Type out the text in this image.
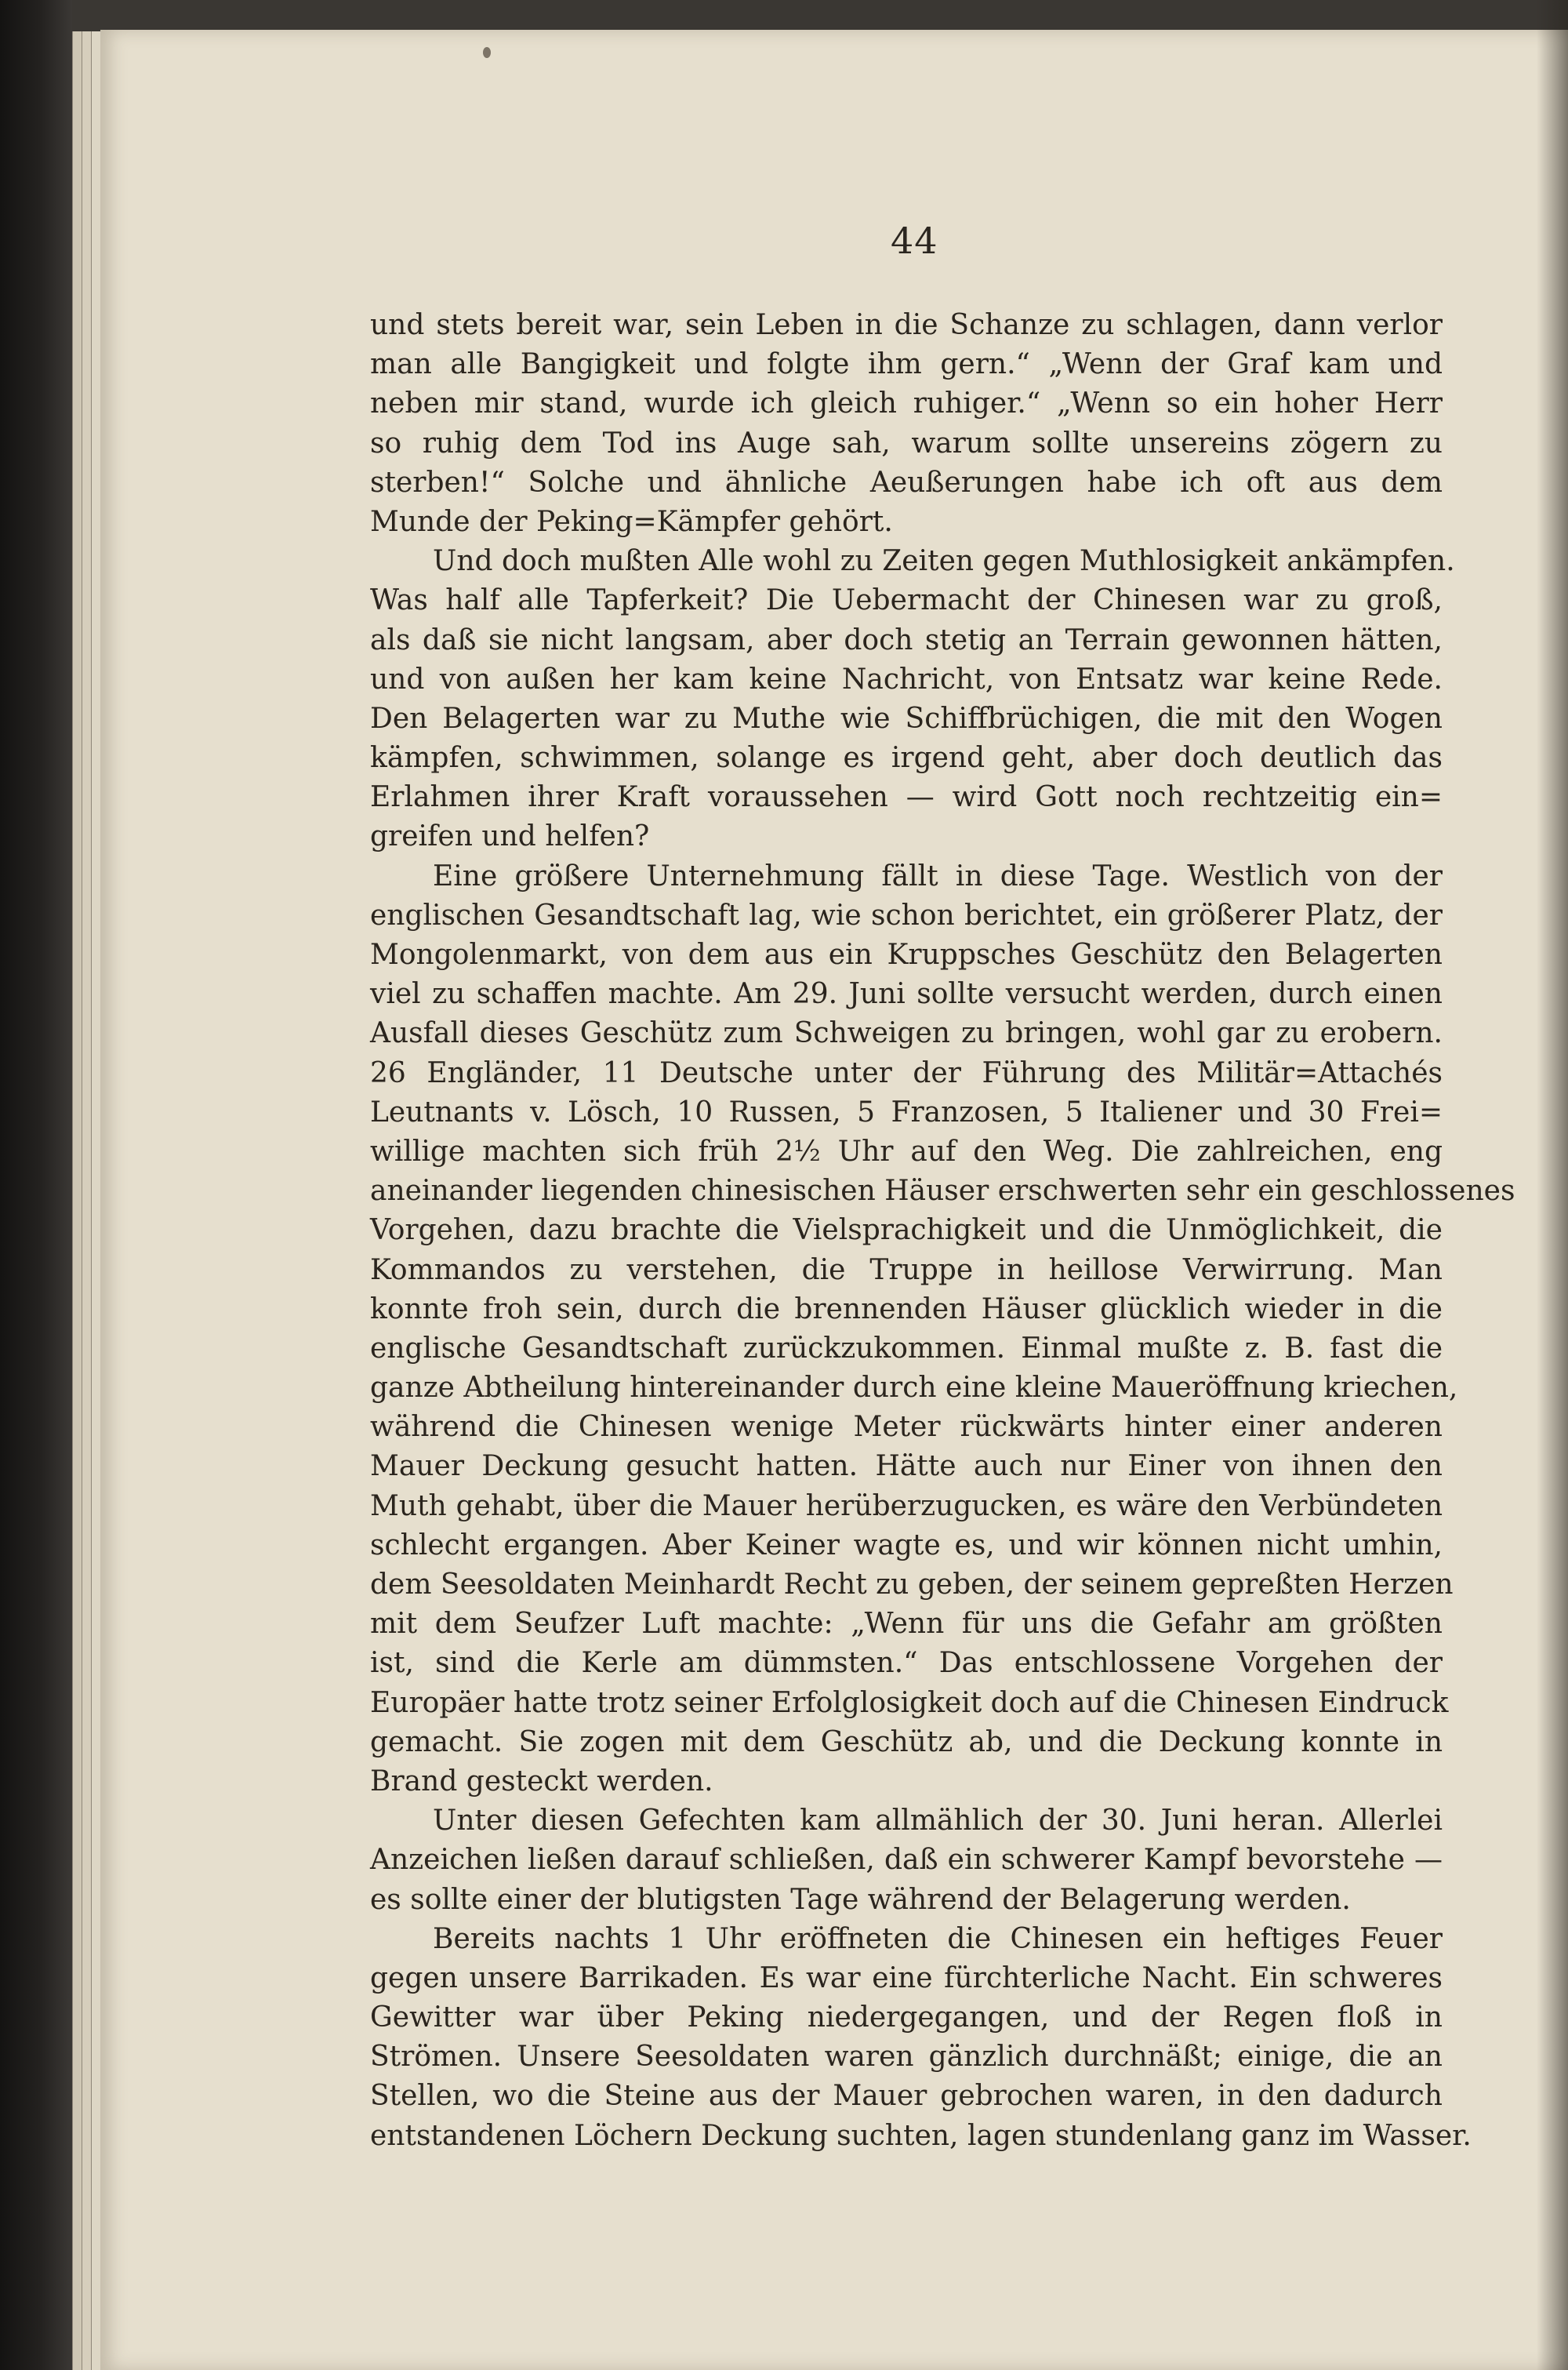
44
und stets bereit war, sein Leben in die Schanze zu schlagen, dann verlor
man alle Bangigkeit und folgte ihm gern.“ „Wenn der Graf kam und
neben mir stand, wurde ich gleich ruhiger.“ „Wenn so ein hoher Herr
so ruhig dem Tod ins Auge sah, warum sollte unsereins zögern zu
sterben!“ Solche und ähnliche Aeußerungen habe ich oft aus dem
Munde der Peking=Kämpfer gehört.
Und doch mußten Alle wohl zu Zeiten gegen Muthlosigkeit ankämpfen.
Was half alle Tapferkeit? Die Uebermacht der Chinesen war zu groß,
als daß sie nicht langsam, aber doch stetig an Terrain gewonnen hätten,
und von außen her kam keine Nachricht, von Entsatz war keine Rede.
Den Belagerten war zu Muthe wie Schiffbrüchigen, die mit den Wogen
kämpfen, schwimmen, solange es irgend geht, aber doch deutlich das
Erlahmen ihrer Kraft voraussehen — wird Gott noch rechtzeitig ein=
greifen und helfen?
Eine größere Unternehmung fällt in diese Tage. Westlich von der
englischen Gesandtschaft lag, wie schon berichtet, ein größerer Platz, der
Mongolenmarkt, von dem aus ein Kruppsches Geschütz den Belagerten
viel zu schaffen machte. Am 29. Juni sollte versucht werden, durch einen
Ausfall dieses Geschütz zum Schweigen zu bringen, wohl gar zu erobern.
26 Engländer, 11 Deutsche unter der Führung des Militär=Attachés
Leutnants v. Lösch, 10 Russen, 5 Franzosen, 5 Italiener und 30 Frei=
willige machten sich früh 2½ Uhr auf den Weg. Die zahlreichen, eng
aneinander liegenden chinesischen Häuser erschwerten sehr ein geschlossenes
Vorgehen, dazu brachte die Vielsprachigkeit und die Unmöglichkeit, die
Kommandos zu verstehen, die Truppe in heillose Verwirrung. Man
konnte froh sein, durch die brennenden Häuser glücklich wieder in die
englische Gesandtschaft zurückzukommen. Einmal mußte z. B. fast die
ganze Abtheilung hintereinander durch eine kleine Maueröffnung kriechen,
während die Chinesen wenige Meter rückwärts hinter einer anderen
Mauer Deckung gesucht hatten. Hätte auch nur Einer von ihnen den
Muth gehabt, über die Mauer herüberzugucken, es wäre den Verbündeten
schlecht ergangen. Aber Keiner wagte es, und wir können nicht umhin,
dem Seesoldaten Meinhardt Recht zu geben, der seinem gepreßten Herzen
mit dem Seufzer Luft machte: „Wenn für uns die Gefahr am größten
ist, sind die Kerle am dümmsten.“ Das entschlossene Vorgehen der
Europäer hatte trotz seiner Erfolglosigkeit doch auf die Chinesen Eindruck
gemacht. Sie zogen mit dem Geschütz ab, und die Deckung konnte in
Brand gesteckt werden.
Unter diesen Gefechten kam allmählich der 30. Juni heran. Allerlei
Anzeichen ließen darauf schließen, daß ein schwerer Kampf bevorstehe —
es sollte einer der blutigsten Tage während der Belagerung werden.
Bereits nachts 1 Uhr eröffneten die Chinesen ein heftiges Feuer
gegen unsere Barrikaden. Es war eine fürchterliche Nacht. Ein schweres
Gewitter war über Peking niedergegangen, und der Regen floß in
Strömen. Unsere Seesoldaten waren gänzlich durchnäßt; einige, die an
Stellen, wo die Steine aus der Mauer gebrochen waren, in den dadurch
entstandenen Löchern Deckung suchten, lagen stundenlang ganz im Wasser.
